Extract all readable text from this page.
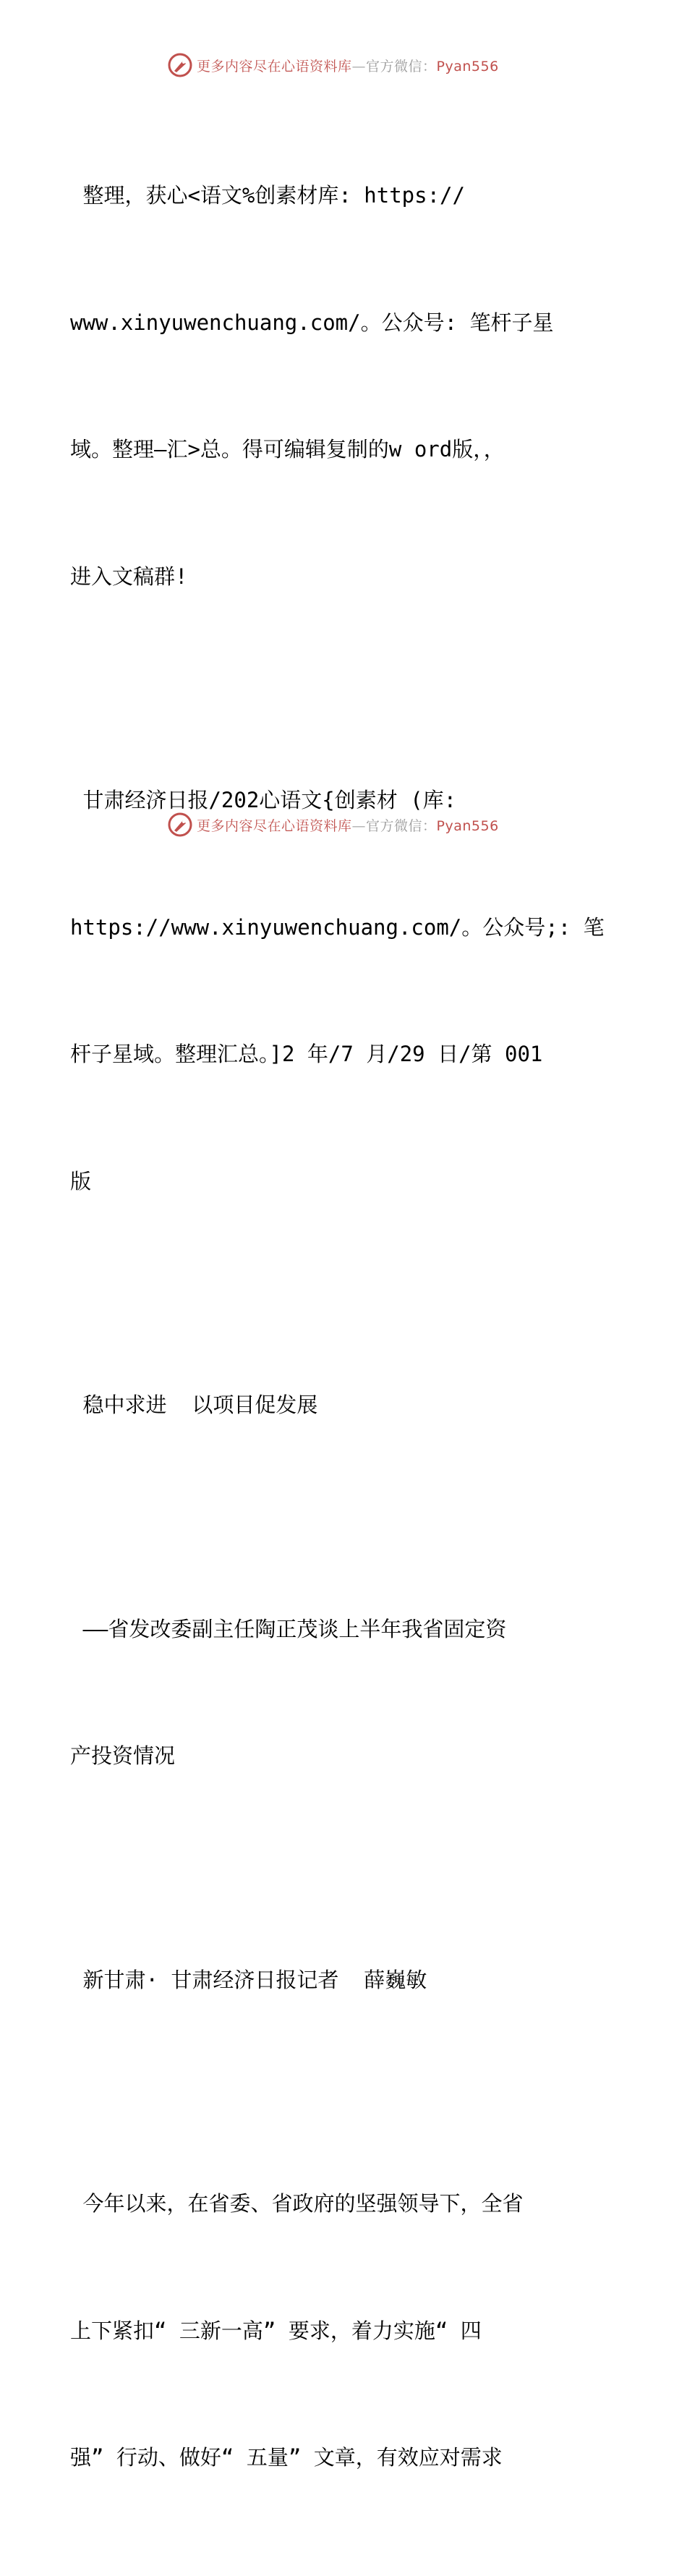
更多内容尽在心语资料库—官方微信：Pyan556

整理，获心<语文%创素材库: https://

www.xinyuwenchuang.com/。公众号: 笔杆子星

域。整理—汇>总。得可编辑复制的w ord版，，

进入文稿群!

甘肃经济日报/202心语文{创素材 (库:

https://www.xinyuwenchuang.com/。公众号;: 笔

杆子星域。整理汇总。]2 年/7 月/29 日/第 001

版

稳中求进  以项目促发展

——省发改委副主任陶正茂谈上半年我省固定资

产投资情况

新甘肃· 甘肃经济日报记者  薛巍敏

今年以来，在省委、省政府的坚强领导下，全省

上下紧扣“ 三新一高” 要求，着力实施“ 四

强” 行动、做好“ 五量” 文章，有效应对需求

更多内容尽在心语资料库—官方微信：Pyan556
